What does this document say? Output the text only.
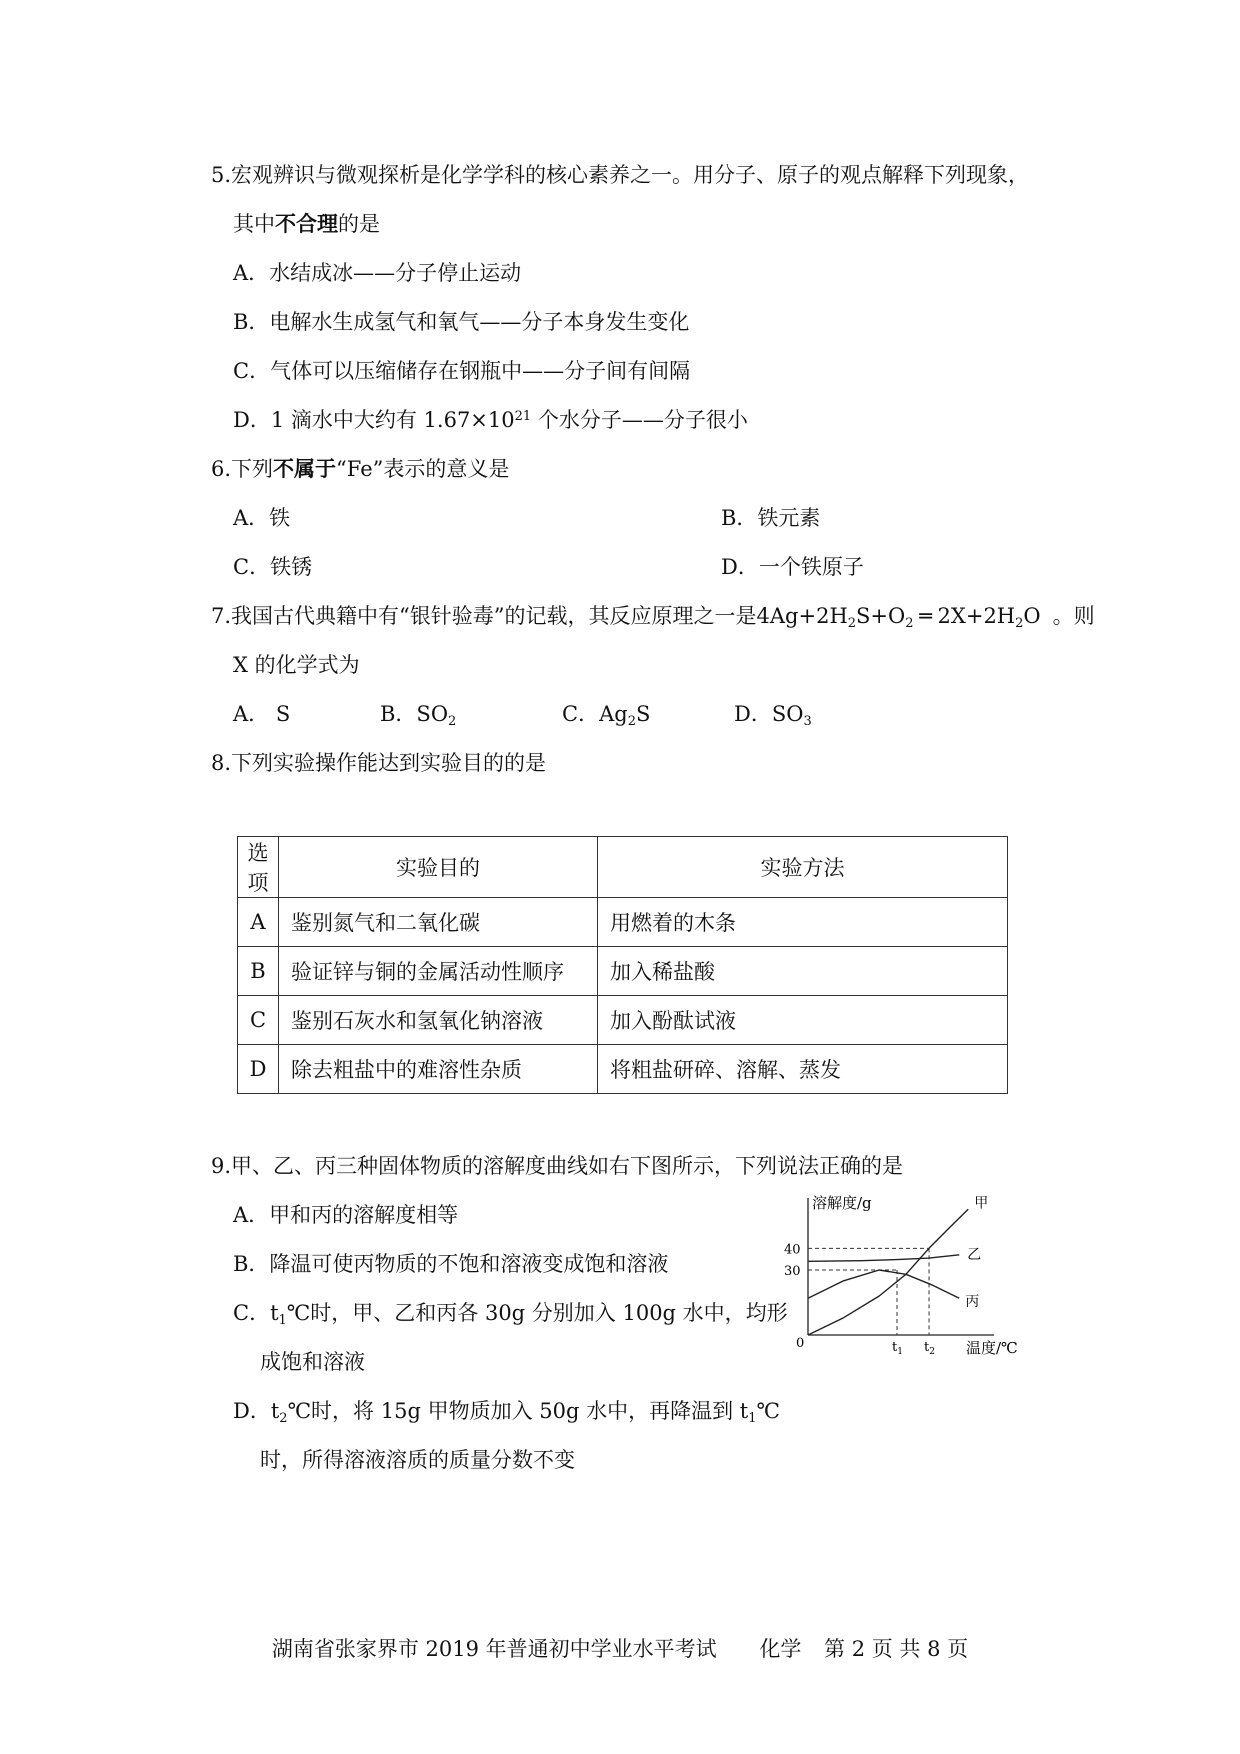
5.宏观辨识与微观探析是化学学科的核心素养之一。用分子、原子的观点解释下列现象，
其中不合理的是
A．水结成冰——分子停止运动
B．电解水生成氢气和氧气——分子本身发生变化
C．气体可以压缩储存在钢瓶中——分子间有间隔
D．1 滴水中大约有 $1.67\times 10^{21}$ 个水分子——分子很小
6.下列不属于“Fe”表示的意义是
A．铁	B．铁元素
C．铁锈	D．一个铁原子
7.我国古代典籍中有“银针验毒”的记载，其反应原理之一是$4Ag+2H_2S+O_2$ ═ $2X+2H_2O$ 。则
X 的化学式为
A． S	B．$SO_2$	C．$Ag_2S$	D．$SO_3$
8.下列实验操作能达到实验目的的是
选项	实验目的	实验方法
A	鉴别氮气和二氧化碳	用燃着的木条
B	验证锌与铜的金属活动性顺序	加入稀盐酸
C	鉴别石灰水和氢氧化钠溶液	加入酚酞试液
D	除去粗盐中的难溶性杂质	将粗盐研碎、溶解、蒸发
9.甲、乙、丙三种固体物质的溶解度曲线如右下图所示，下列说法正确的是
A．甲和丙的溶解度相等
B．降温可使丙物质的不饱和溶液变成饱和溶液
C．$t_1℃$时，甲、乙和丙各 30g 分别加入 100g 水中，均形
成饱和溶液
D．$t_2℃$时，将 15g 甲物质加入 50g 水中，再降温到 $t_1℃$
时，所得溶液溶质的质量分数不变
溶解度/g
温度/℃
0
40
30
$t_1$ $t_2$
甲
乙
丙
湖南省张家界市 2019 年普通初中学业水平考试 化学 第 2 页 共 8 页
